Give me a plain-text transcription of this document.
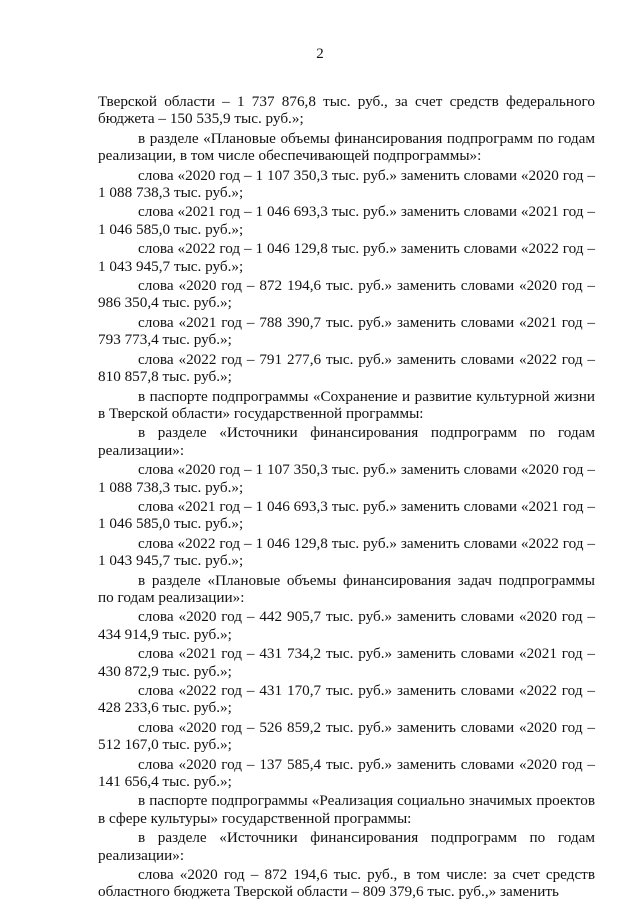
2

Тверской области – 1 737 876,8 тыс. руб., за счет средств федерального бюджета – 150 535,9 тыс. руб.»;

в разделе «Плановые объемы финансирования подпрограмм по годам реализации, в том числе обеспечивающей подпрограммы»:

слова «2020 год – 1 107 350,3 тыс. руб.» заменить словами «2020 год – 1 088 738,3 тыс. руб.»;

слова «2021 год – 1 046 693,3 тыс. руб.» заменить словами «2021 год – 1 046 585,0 тыс. руб.»;

слова «2022 год – 1 046 129,8 тыс. руб.» заменить словами «2022 год – 1 043 945,7 тыс. руб.»;

слова «2020 год – 872 194,6 тыс. руб.» заменить словами «2020 год – 986 350,4 тыс. руб.»;

слова «2021 год – 788 390,7 тыс. руб.» заменить словами «2021 год – 793 773,4 тыс. руб.»;

слова «2022 год – 791 277,6 тыс. руб.» заменить словами «2022 год – 810 857,8 тыс. руб.»;

в паспорте подпрограммы «Сохранение и развитие культурной жизни в Тверской области» государственной программы:

в разделе «Источники финансирования подпрограмм по годам реализации»:

слова «2020 год – 1 107 350,3 тыс. руб.» заменить словами «2020 год – 1 088 738,3 тыс. руб.»;

слова «2021 год – 1 046 693,3 тыс. руб.» заменить словами «2021 год – 1 046 585,0 тыс. руб.»;

слова «2022 год – 1 046 129,8 тыс. руб.» заменить словами «2022 год – 1 043 945,7 тыс. руб.»;

в разделе «Плановые объемы финансирования задач подпрограммы по годам реализации»:

слова «2020 год – 442 905,7 тыс. руб.» заменить словами «2020 год – 434 914,9 тыс. руб.»;

слова «2021 год – 431 734,2 тыс. руб.» заменить словами «2021 год – 430 872,9 тыс. руб.»;

слова «2022 год – 431 170,7 тыс. руб.» заменить словами «2022 год – 428 233,6 тыс. руб.»;

слова «2020 год – 526 859,2 тыс. руб.» заменить словами «2020 год – 512 167,0 тыс. руб.»;

слова «2020 год – 137 585,4 тыс. руб.» заменить словами «2020 год – 141 656,4 тыс. руб.»;

в паспорте подпрограммы «Реализация социально значимых проектов в сфере культуры» государственной программы:

в разделе «Источники финансирования подпрограмм по годам реализации»:

слова «2020 год – 872 194,6 тыс. руб., в том числе: за счет средств областного бюджета Тверской области – 809 379,6 тыс. руб.,» заменить
